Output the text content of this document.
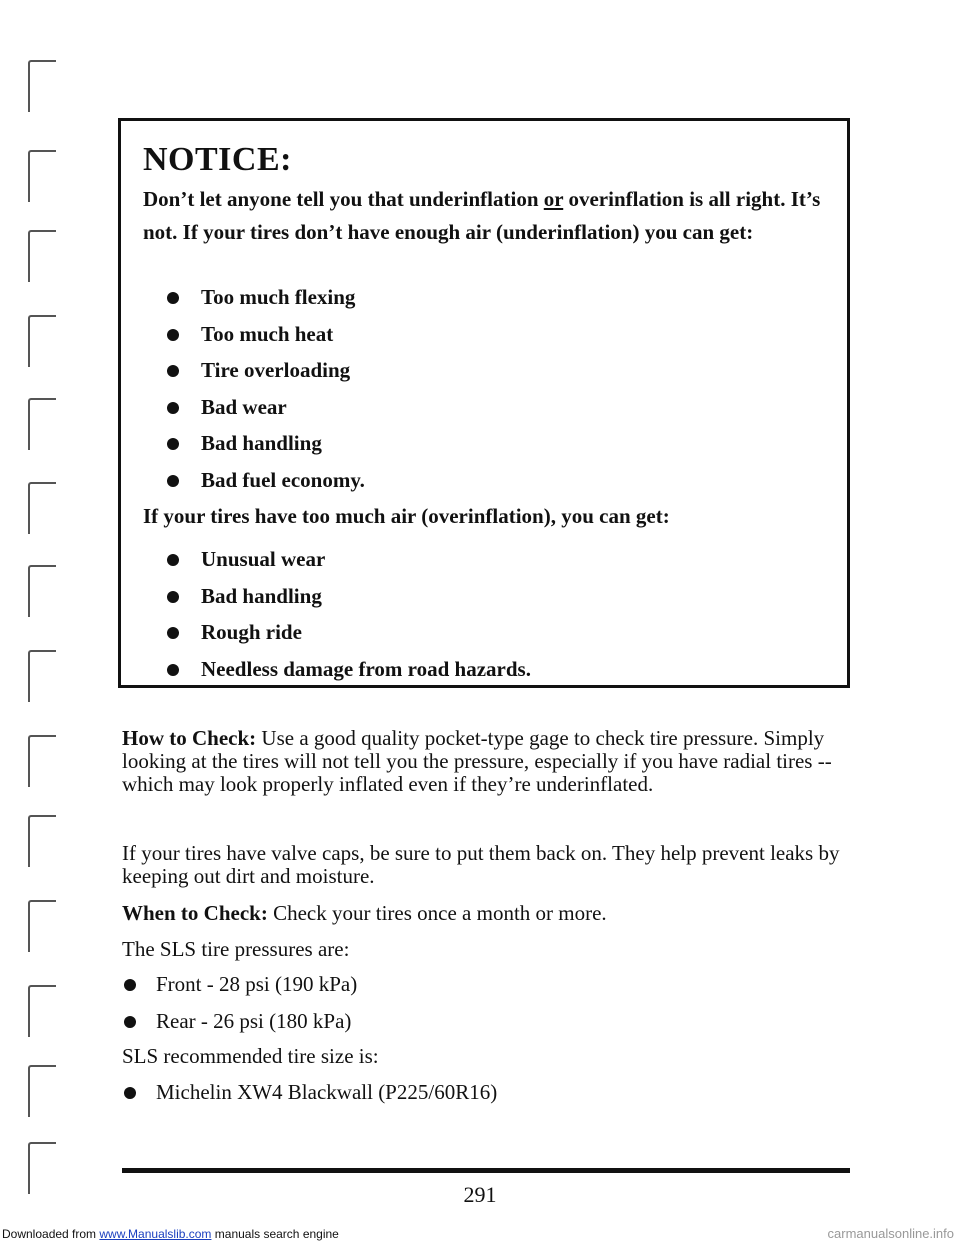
NOTICE:
Don’t let anyone tell you that underinflation or overinflation is all right. It’s not. If your tires don’t have enough air (underinflation) you can get:
Too much flexing
Too much heat
Tire overloading
Bad wear
Bad handling
Bad fuel economy.
If your tires have too much air (overinflation), you can get:
Unusual wear
Bad handling
Rough ride
Needless damage from road hazards.
How to Check: Use a good quality pocket-type gage to check tire pressure. Simply looking at the tires will not tell you the pressure, especially if you have radial tires -- which may look properly inflated even if they’re underinflated.
If your tires have valve caps, be sure to put them back on. They help prevent leaks by keeping out dirt and moisture.
When to Check: Check your tires once a month or more.
The SLS tire pressures are:
Front - 28 psi (190 kPa)
Rear - 26 psi (180 kPa)
SLS recommended tire size is:
Michelin XW4 Blackwall (P225/60R16)
291
Downloaded from www.Manualslib.com manuals search engine	carmanualsonline.info
